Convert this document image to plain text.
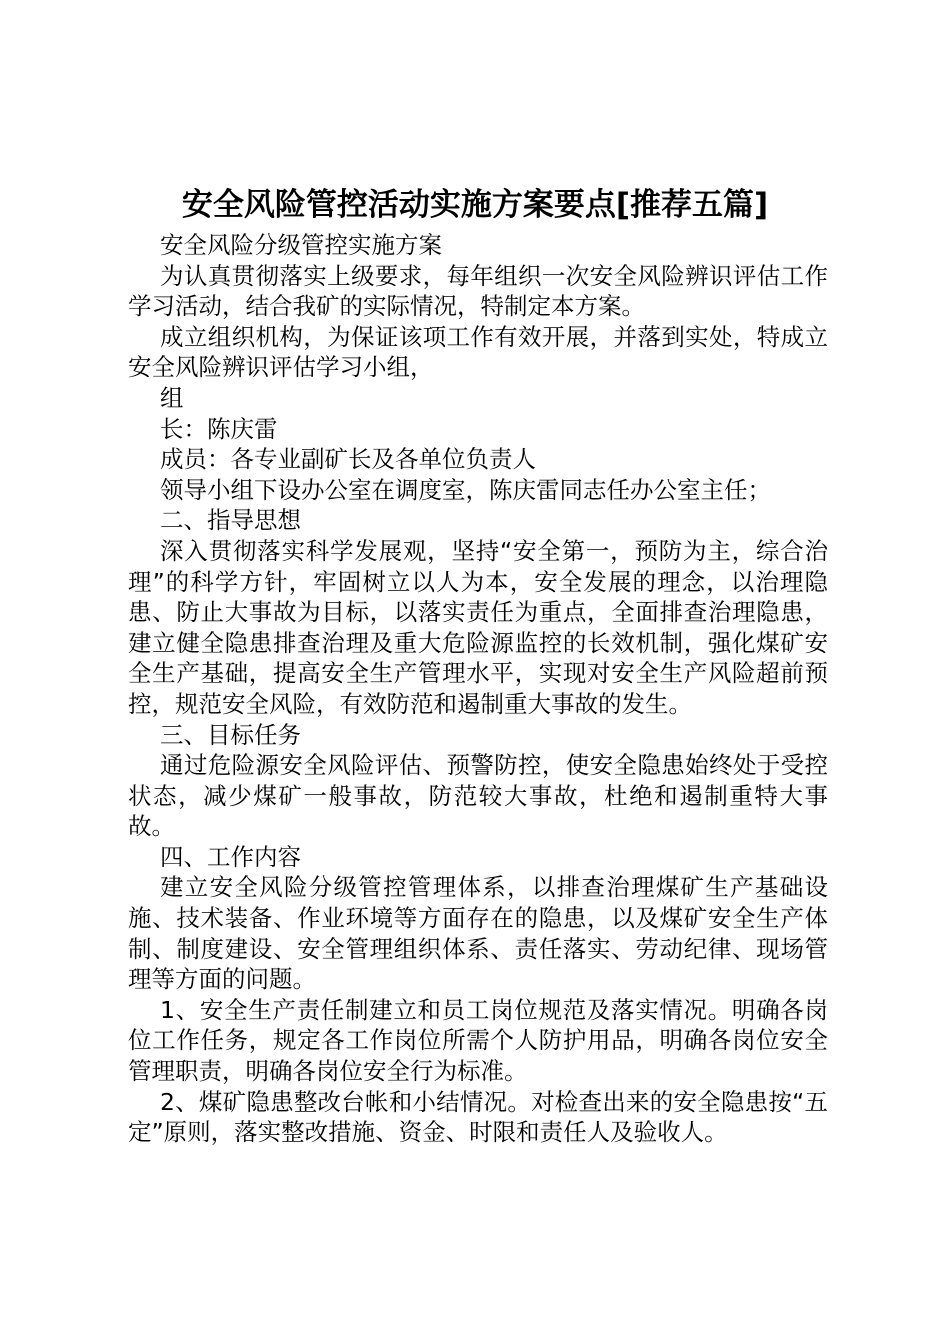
安全风险管控活动实施方案要点[推荐五篇]

安全风险分级管控实施方案

为认真贯彻落实上级要求，每年组织一次安全风险辨识评估工作学习活动，结合我矿的实际情况，特制定本方案。

成立组织机构，为保证该项工作有效开展，并落到实处，特成立安全风险辨识评估学习小组，

组

长：陈庆雷

成员：各专业副矿长及各单位负责人

领导小组下设办公室在调度室，陈庆雷同志任办公室主任；

二、指导思想

深入贯彻落实科学发展观，坚持“安全第一，预防为主，综合治理”的科学方针，牢固树立以人为本，安全发展的理念，以治理隐患、防止大事故为目标，以落实责任为重点，全面排查治理隐患，建立健全隐患排查治理及重大危险源监控的长效机制，强化煤矿安全生产基础，提高安全生产管理水平，实现对安全生产风险超前预控，规范安全风险，有效防范和遏制重大事故的发生。

三、目标任务

通过危险源安全风险评估、预警防控，使安全隐患始终处于受控状态，减少煤矿一般事故，防范较大事故，杜绝和遏制重特大事故。

四、工作内容

建立安全风险分级管控管理体系，以排查治理煤矿生产基础设施、技术装备、作业环境等方面存在的隐患，以及煤矿安全生产体制、制度建设、安全管理组织体系、责任落实、劳动纪律、现场管理等方面的问题。

1、安全生产责任制建立和员工岗位规范及落实情况。明确各岗位工作任务，规定各工作岗位所需个人防护用品，明确各岗位安全管理职责，明确各岗位安全行为标准。

2、煤矿隐患整改台帐和小结情况。对检查出来的安全隐患按“五定”原则，落实整改措施、资金、时限和责任人及验收人。
